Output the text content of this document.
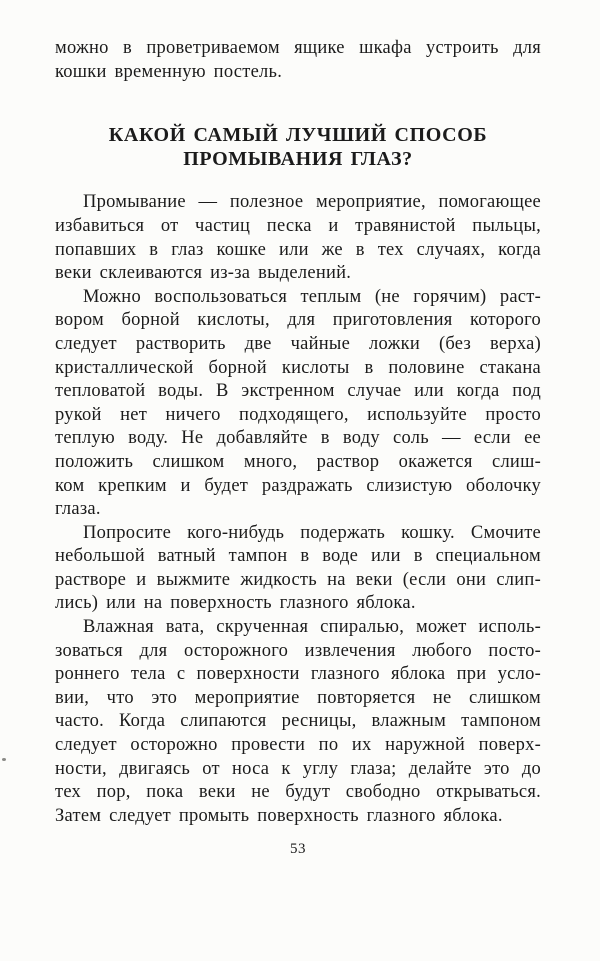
можно в проветриваемом ящике шкафа устроить для
кошки временную постель.
КАКОЙ САМЫЙ ЛУЧШИЙ СПОСОБ
ПРОМЫВАНИЯ ГЛАЗ?
Промывание — полезное мероприятие, помогающее
избавиться от частиц песка и травянистой пыльцы,
попавших в глаз кошке или же в тех случаях, когда
веки склеиваются из-за выделений.
Можно воспользоваться теплым (не горячим) раст-
вором борной кислоты, для приготовления которого
следует растворить две чайные ложки (без верха)
кристаллической борной кислоты в половине стакана
тепловатой воды. В экстренном случае или когда под
рукой нет ничего подходящего, используйте просто
теплую воду. Не добавляйте в воду соль — если ее
положить слишком много, раствор окажется слиш-
ком крепким и будет раздражать слизистую оболочку
глаза.
Попросите кого-нибудь подержать кошку. Смочите
небольшой ватный тампон в воде или в специальном
растворе и выжмите жидкость на веки (если они слип-
лись) или на поверхность глазного яблока.
Влажная вата, скрученная спиралью, может исполь-
зоваться для осторожного извлечения любого посто-
роннего тела с поверхности глазного яблока при усло-
вии, что это мероприятие повторяется не слишком
часто. Когда слипаются ресницы, влажным тампоном
следует осторожно провести по их наружной поверх-
ности, двигаясь от носа к углу глаза; делайте это до
тех пор, пока веки не будут свободно открываться.
Затем следует промыть поверхность глазного яблока.
53
